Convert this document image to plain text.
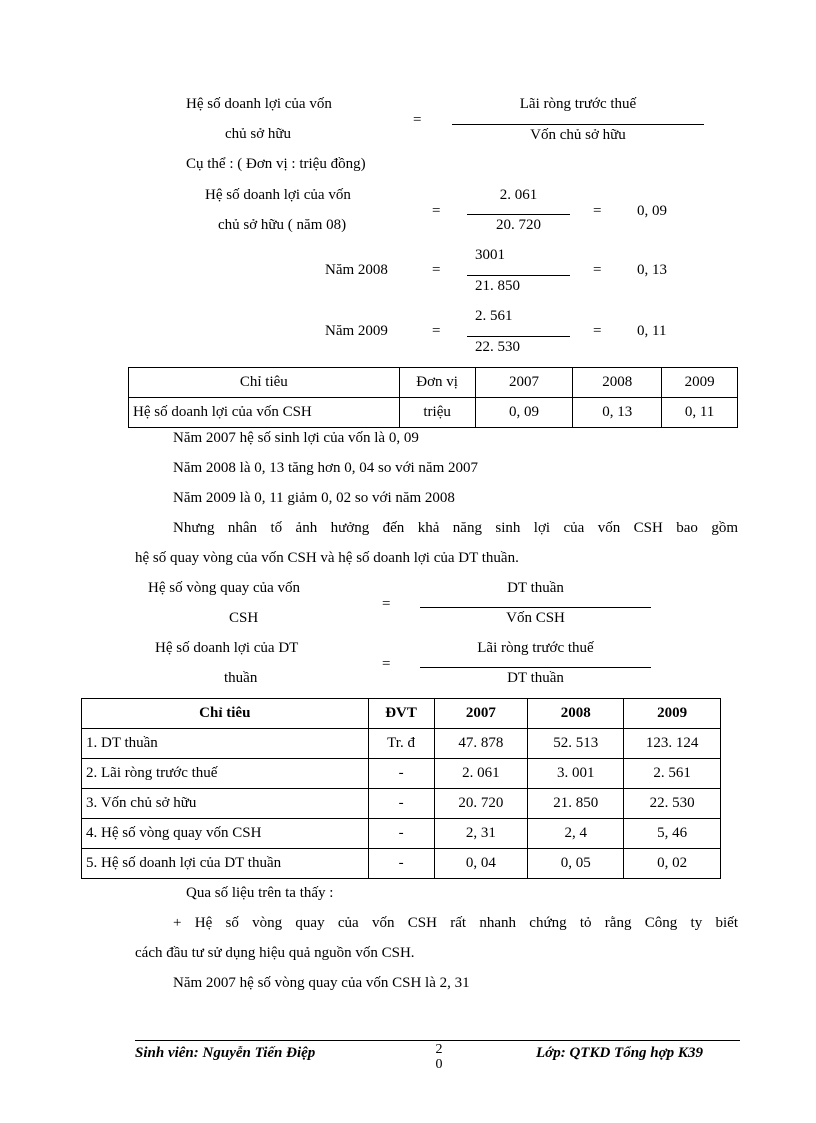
Hệ số doanh lợi của vốn
chủ sở hữu
=
Lãi ròng trước thuế
Vốn chủ sở hữu
Cụ thể : ( Đơn vị : triệu đồng)
Hệ số doanh lợi của vốn
chủ sở hữu ( năm 08)
=
2. 061
20. 720
= 0, 09
Năm 2008	=
3001
21. 850
= 0, 13
Năm 2009	=
2. 561
22. 530
= 0, 11
Chỉ tiêu	Đơn vị	2007	2008	2009
Hệ số doanh lợi của vốn CSH	triệu	0, 09	0, 13	0, 11
Năm 2007 hệ số sinh lợi của vốn là 0, 09
Năm 2008 là 0, 13 tăng hơn 0, 04 so với năm 2007
Năm 2009 là 0, 11 giảm 0, 02 so với năm 2008
Nhưng nhân tố ảnh hưởng đến khả năng sinh lợi của vốn CSH bao gồm
hệ số quay vòng của vốn CSH và hệ số doanh lợi của DT thuần.
Hệ số vòng quay của vốn
CSH
=
DT thuần
Vốn CSH
Hệ số doanh lợi của DT
thuần
=
Lãi ròng trước thuế
DT thuần
Chỉ tiêu	ĐVT	2007	2008	2009
1. DT thuần	Tr. đ	47. 878	52. 513	123. 124
2. Lãi ròng trước thuế	-	2. 061	3. 001	2. 561
3. Vốn chủ sở hữu	-	20. 720	21. 850	22. 530
4. Hệ số vòng quay vốn CSH	-	2, 31	2, 4	5, 46
5. Hệ số doanh lợi của DT thuần	-	0, 04	0, 05	0, 02
Qua số liệu trên ta thấy :
+ Hệ số vòng quay của vốn CSH rất nhanh chứng tỏ rằng Công ty biết
cách đầu tư sử dụng hiệu quả nguồn vốn CSH.
Năm 2007 hệ số vòng quay của vốn CSH là 2, 31
Sinh viên: Nguyễn Tiến Điệp	2
0
Lớp: QTKD Tổng hợp K39
